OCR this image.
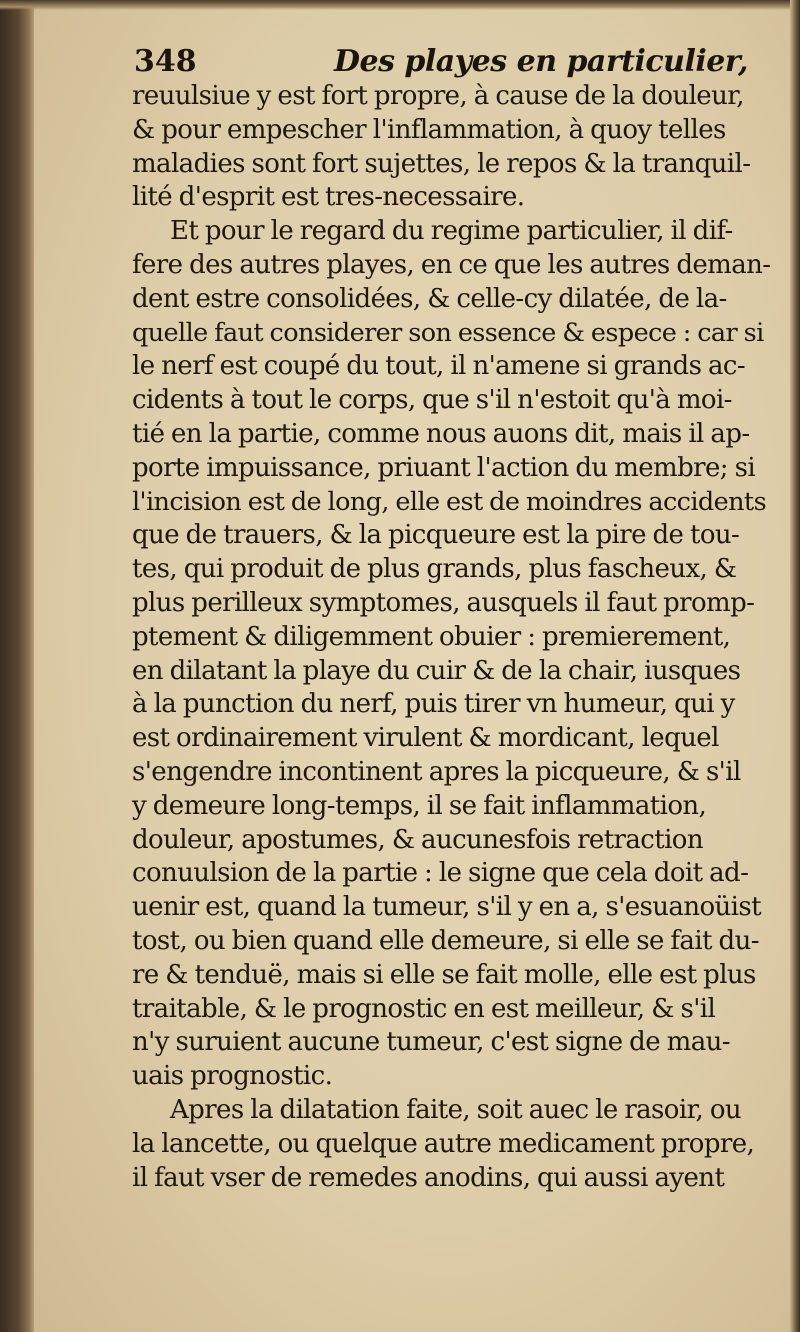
348	Des playes en particulier,
reuulsiue y est fort propre, à cause de la douleur,
& pour empescher l'inflammation, à quoy telles
maladies sont fort sujettes, le repos & la tranquil-
lité d'esprit est tres-necessaire.
Et pour le regard du regime particulier, il dif-
fere des autres playes, en ce que les autres deman-
dent estre consolidées, & celle-cy dilatée, de la-
quelle faut considerer son essence & espece : car si
le nerf est coupé du tout, il n'amene si grands ac-
cidents à tout le corps, que s'il n'estoit qu'à moi-
tié en la partie, comme nous auons dit, mais il ap-
porte impuissance, priuant l'action du membre; si
l'incision est de long, elle est de moindres accidents
que de trauers, & la picqueure est la pire de tou-
tes, qui produit de plus grands, plus fascheux, &
plus perilleux symptomes, ausquels il faut promp-
ptement & diligemment obuier : premierement,
en dilatant la playe du cuir & de la chair, iusques
à la punction du nerf, puis tirer vn humeur, qui y
est ordinairement virulent & mordicant, lequel
s'engendre incontinent apres la picqueure, & s'il
y demeure long-temps, il se fait inflammation,
douleur, apostumes, & aucunesfois retraction
conuulsion de la partie : le signe que cela doit ad-
uenir est, quand la tumeur, s'il y en a, s'esuanoüist
tost, ou bien quand elle demeure, si elle se fait du-
re & tenduë, mais si elle se fait molle, elle est plus
traitable, & le prognostic en est meilleur, & s'il
n'y suruient aucune tumeur, c'est signe de mau-
uais prognostic.
Apres la dilatation faite, soit auec le rasoir, ou
la lancette, ou quelque autre medicament propre,
il faut vser de remedes anodins, qui aussi ayent
